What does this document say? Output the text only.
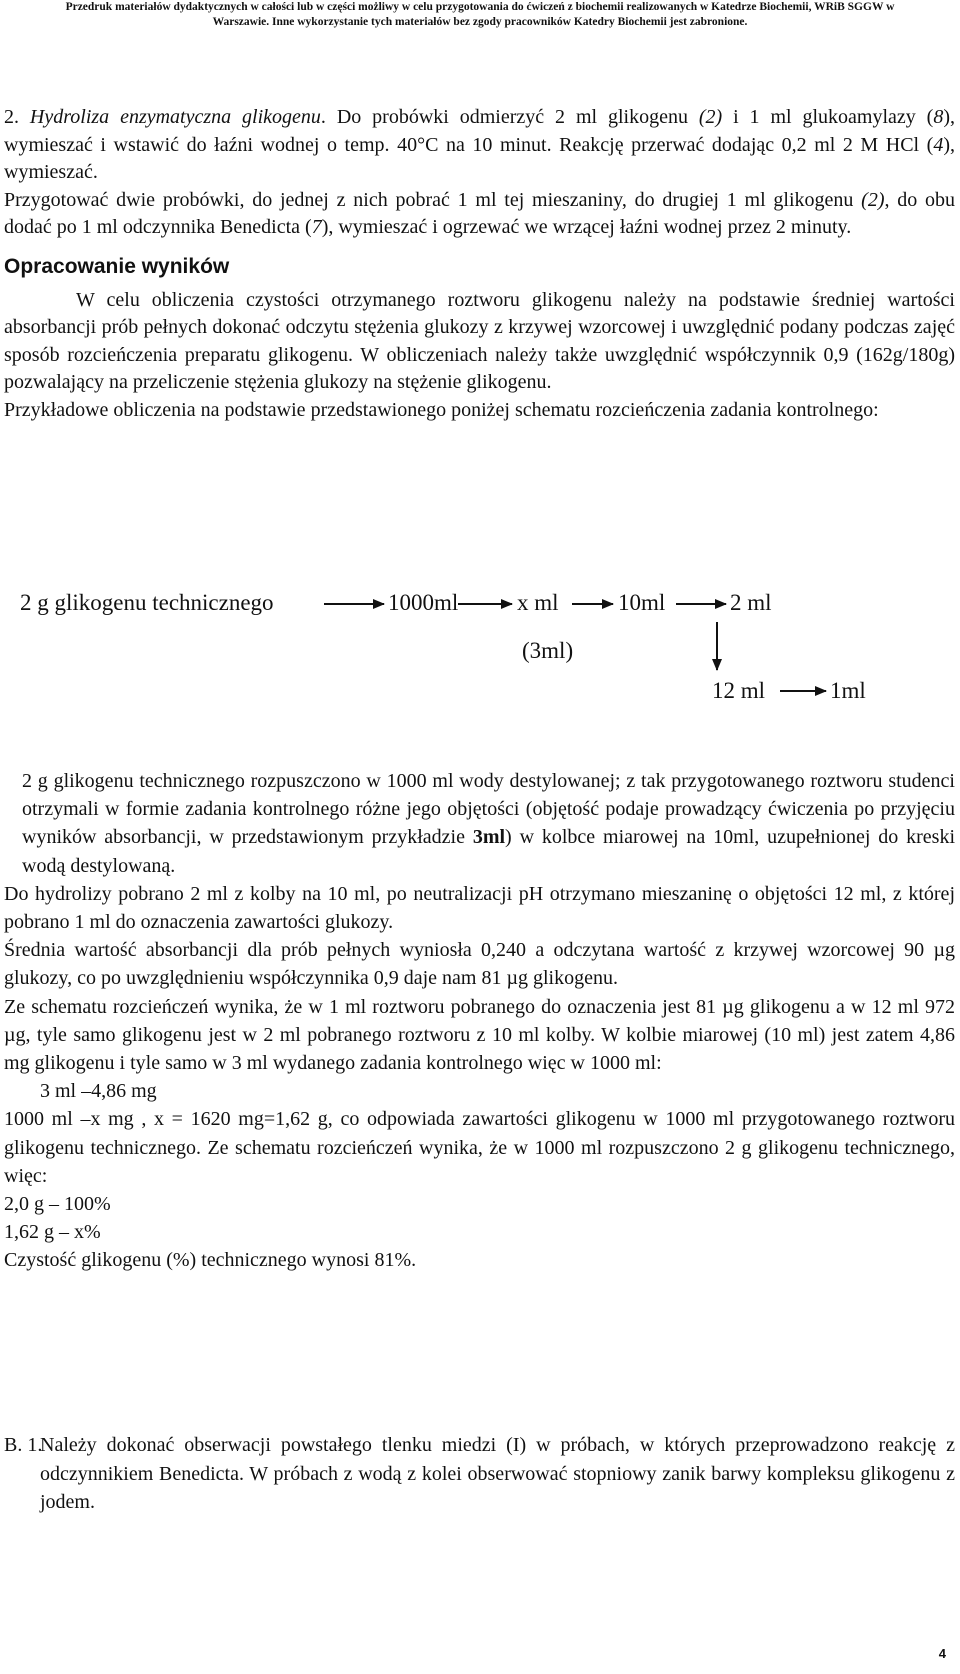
Przedruk materiałów dydaktycznych w całości lub w części możliwy w celu przygotowania do ćwiczeń z biochemii realizowanych w Katedrze Biochemii, WRiB SGGW w
Warszawie. Inne wykorzystanie tych materiałów bez zgody pracowników Katedry Biochemii jest zabronione.

2. Hydroliza enzymatyczna glikogenu. Do probówki odmierzyć 2 ml glikogenu (2) i 1 ml glukoamylazy (8), wymieszać i wstawić do łaźni wodnej o temp. 40°C na 10 minut. Reakcję przerwać dodając 0,2 ml 2 M HCl (4), wymieszać.

Przygotować dwie probówki, do jednej z nich pobrać 1 ml tej mieszaniny, do drugiej 1 ml glikogenu (2), do obu dodać po 1 ml odczynnika Benedicta (7), wymieszać i ogrzewać we wrzącej łaźni wodnej przez 2 minuty.

Opracowanie wyników

W celu obliczenia czystości otrzymanego roztworu glikogenu należy na podstawie średniej wartości absorbancji prób pełnych dokonać odczytu stężenia glukozy z krzywej wzorcowej i uwzględnić podany podczas zajęć sposób rozcieńczenia preparatu glikogenu. W obliczeniach należy także uwzględnić współczynnik 0,9 (162g/180g) pozwalający na przeliczenie stężenia glukozy na stężenie glikogenu.

Przykładowe obliczenia na podstawie przedstawionego poniżej schematu rozcieńczenia zadania kontrolnego:

2 g glikogenu technicznego	1000ml	x ml	10ml	2 ml
(3ml)
12 ml	1ml

2 g glikogenu technicznego rozpuszczono w 1000 ml wody destylowanej; z tak przygotowanego roztworu studenci otrzymali w formie zadania kontrolnego różne jego objętości (objętość podaje prowadzący ćwiczenia po przyjęciu wyników absorbancji, w przedstawionym przykładzie 3ml) w kolbce miarowej na 10ml, uzupełnionej do kreski wodą destylowaną.

Do hydrolizy pobrano 2 ml z kolby na 10 ml, po neutralizacji pH otrzymano mieszaninę o objętości 12 ml, z której pobrano 1 ml do oznaczenia zawartości glukozy.

Średnia wartość absorbancji dla prób pełnych wyniosła 0,240 a odczytana wartość z krzywej wzorcowej 90 µg glukozy, co po uwzględnieniu współczynnika 0,9 daje nam 81 µg glikogenu.

Ze schematu rozcieńczeń wynika, że w 1 ml roztworu pobranego do oznaczenia jest 81 µg glikogenu a w 12 ml 972 µg, tyle samo glikogenu jest w 2 ml pobranego roztworu z 10 ml kolby. W kolbie miarowej (10 ml) jest zatem 4,86 mg glikogenu i tyle samo w 3 ml wydanego zadania kontrolnego więc w 1000 ml:

3 ml –4,86 mg

1000 ml –x mg , x = 1620 mg=1,62 g, co odpowiada zawartości glikogenu w 1000 ml przygotowanego roztworu glikogenu technicznego. Ze schematu rozcieńczeń wynika, że w 1000 ml rozpuszczono 2 g glikogenu technicznego, więc:

2,0 g – 100%

1,62 g – x%

Czystość glikogenu (%) technicznego wynosi 81%.

B. 1.

Należy dokonać obserwacji powstałego tlenku miedzi (I) w próbach, w których przeprowadzono reakcję z odczynnikiem Benedicta. W próbach z wodą z kolei obserwować stopniowy zanik barwy kompleksu glikogenu z jodem.

4
